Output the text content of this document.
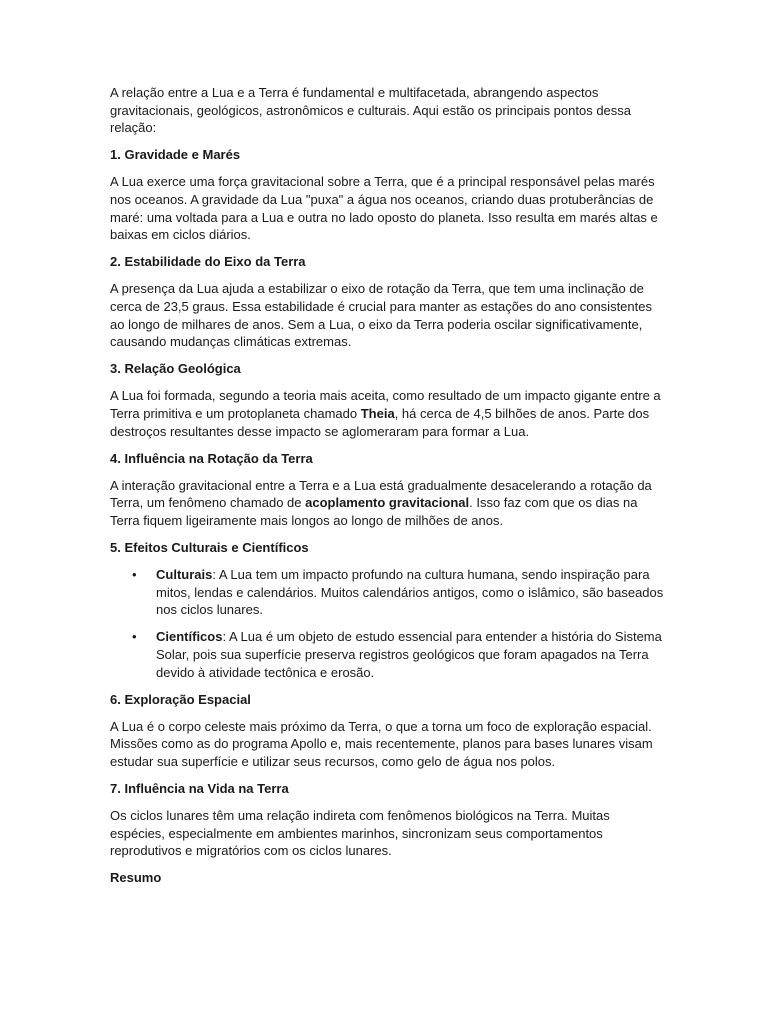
A relação entre a Lua e a Terra é fundamental e multifacetada, abrangendo aspectos gravitacionais, geológicos, astronômicos e culturais. Aqui estão os principais pontos dessa relação:

1. Gravidade e Marés

A Lua exerce uma força gravitacional sobre a Terra, que é a principal responsável pelas marés nos oceanos. A gravidade da Lua "puxa" a água nos oceanos, criando duas protuberâncias de maré: uma voltada para a Lua e outra no lado oposto do planeta. Isso resulta em marés altas e baixas em ciclos diários.

2. Estabilidade do Eixo da Terra

A presença da Lua ajuda a estabilizar o eixo de rotação da Terra, que tem uma inclinação de cerca de 23,5 graus. Essa estabilidade é crucial para manter as estações do ano consistentes ao longo de milhares de anos. Sem a Lua, o eixo da Terra poderia oscilar significativamente, causando mudanças climáticas extremas.

3. Relação Geológica

A Lua foi formada, segundo a teoria mais aceita, como resultado de um impacto gigante entre a Terra primitiva e um protoplaneta chamado Theia, há cerca de 4,5 bilhões de anos. Parte dos destroços resultantes desse impacto se aglomeraram para formar a Lua.

4. Influência na Rotação da Terra

A interação gravitacional entre a Terra e a Lua está gradualmente desacelerando a rotação da Terra, um fenômeno chamado de acoplamento gravitacional. Isso faz com que os dias na Terra fiquem ligeiramente mais longos ao longo de milhões de anos.

5. Efeitos Culturais e Científicos
• Culturais: A Lua tem um impacto profundo na cultura humana, sendo inspiração para mitos, lendas e calendários. Muitos calendários antigos, como o islâmico, são baseados nos ciclos lunares.
• Científicos: A Lua é um objeto de estudo essencial para entender a história do Sistema Solar, pois sua superfície preserva registros geológicos que foram apagados na Terra devido à atividade tectônica e erosão.
6. Exploração Espacial

A Lua é o corpo celeste mais próximo da Terra, o que a torna um foco de exploração espacial. Missões como as do programa Apollo e, mais recentemente, planos para bases lunares visam estudar sua superfície e utilizar seus recursos, como gelo de água nos polos.

7. Influência na Vida na Terra

Os ciclos lunares têm uma relação indireta com fenômenos biológicos na Terra. Muitas espécies, especialmente em ambientes marinhos, sincronizam seus comportamentos reprodutivos e migratórios com os ciclos lunares.

Resumo
